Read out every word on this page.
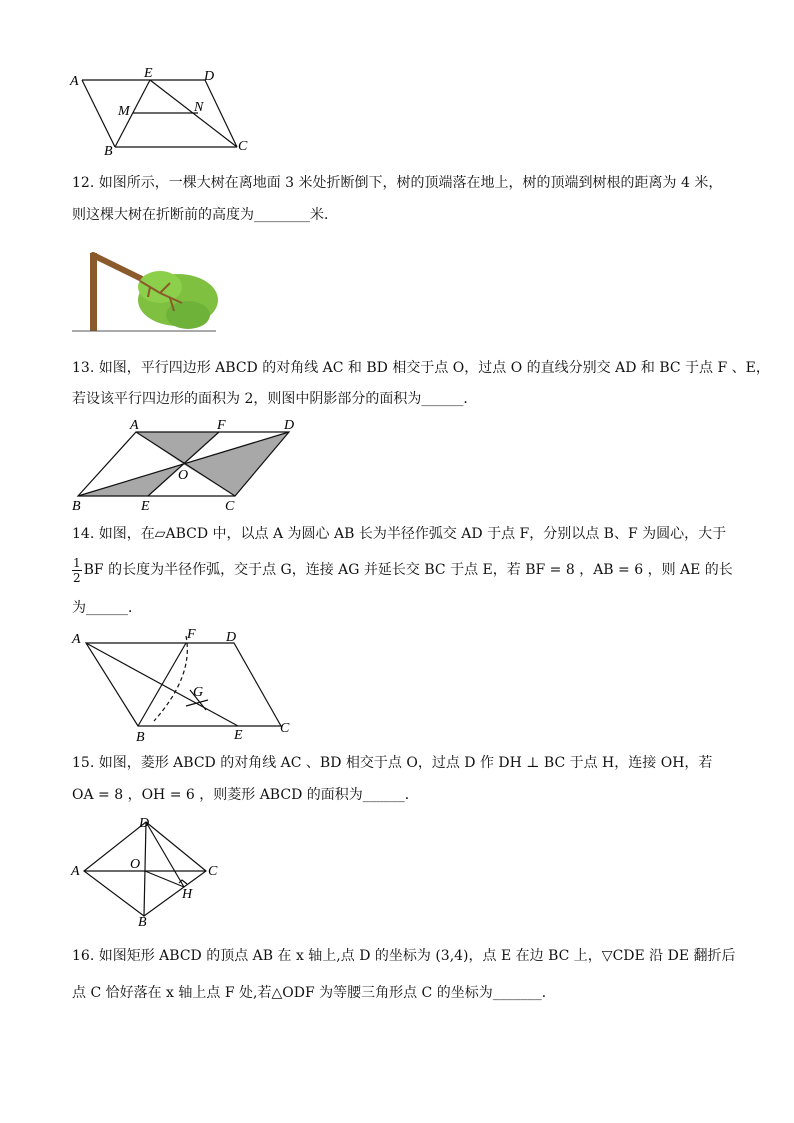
A
E	D
M	N
B	C
12. 如图所示，一棵大树在离地面 3 米处折断倒下，树的顶端落在地上，树的顶端到树根的距离为 4 米，
则这棵大树在折断前的高度为________米．
13. 如图，平行四边形 ABCD 的对角线 AC 和 BD 相交于点 O，过点 O 的直线分别交 AD 和 BC 于点 F 、E，
若设该平行四边形的面积为 2，则图中阴影部分的面积为______．
A	F	D
O
B	E	C
14. 如图，在▱ABCD 中，以点 A 为圆心 AB 长为半径作弧交 AD 于点 F，分别以点 B、F 为圆心，大于
$\frac{1}{2}$ BF 的长度为半径作弧，交于点 G，连接 AG 并延长交 BC 于点 E，若 BF = 8 ，AB = 6 ，则 AE 的长
为______．
A	F D
G
B	E	C
15. 如图，菱形 ABCD 的对角线 AC 、BD 相交于点 O，过点 D 作 DH ⊥ BC 于点 H，连接 OH，若
OA = 8 ，OH = 6 ，则菱形 ABCD 的面积为______．
D
O
A	C
H
B
16. 如图矩形 ABCD 的顶点 AB 在 x 轴上,点 D 的坐标为 (3,4)，点 E 在边 BC 上，▽CDE 沿 DE 翻折后
点 C 恰好落在 x 轴上点 F 处,若△ODF 为等腰三角形点 C 的坐标为_______．
